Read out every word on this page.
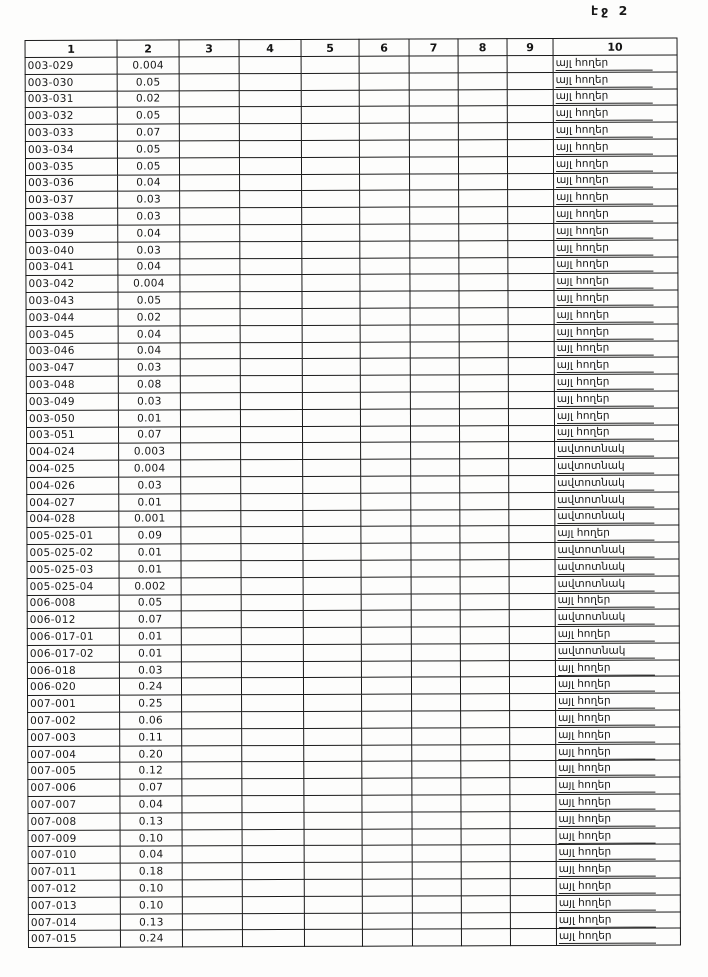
էջ 2
1	2	3	4	5	6	7	8	9	10
003-029	0.004								այլ հողեր
003-030	0.05								այլ հողեր
003-031	0.02								այլ հողեր
003-032	0.05								այլ հողեր
003-033	0.07								այլ հողեր
003-034	0.05								այլ հողեր
003-035	0.05								այլ հողեր
003-036	0.04								այլ հողեր
003-037	0.03								այլ հողեր
003-038	0.03								այլ հողեր
003-039	0.04								այլ հողեր
003-040	0.03								այլ հողեր
003-041	0.04								այլ հողեր
003-042	0.004								այլ հողեր
003-043	0.05								այլ հողեր
003-044	0.02								այլ հողեր
003-045	0.04								այլ հողեր
003-046	0.04								այլ հողեր
003-047	0.03								այլ հողեր
003-048	0.08								այլ հողեր
003-049	0.03								այլ հողեր
003-050	0.01								այլ հողեր
003-051	0.07								այլ հողեր
004-024	0.003								ավտոտնակ
004-025	0.004								ավտոտնակ
004-026	0.03								ավտոտնակ
004-027	0.01								ավտոտնակ
004-028	0.001								ավտոտնակ
005-025-01	0.09								այլ հողեր
005-025-02	0.01								ավտոտնակ
005-025-03	0.01								ավտոտնակ
005-025-04	0.002								ավտոտնակ
006-008	0.05								այլ հողեր
006-012	0.07								ավտոտնակ
006-017-01	0.01								այլ հողեր
006-017-02	0.01								ավտոտնակ
006-018	0.03								այլ հողեր
006-020	0.24								այլ հողեր
007-001	0.25								այլ հողեր
007-002	0.06								այլ հողեր
007-003	0.11								այլ հողեր
007-004	0.20								այլ հողեր
007-005	0.12								այլ հողեր
007-006	0.07								այլ հողեր
007-007	0.04								այլ հողեր
007-008	0.13								այլ հողեր
007-009	0.10								այլ հողեր
007-010	0.04								այլ հողեր
007-011	0.18								այլ հողեր
007-012	0.10								այլ հողեր
007-013	0.10								այլ հողեր
007-014	0.13								այլ հողեր
007-015	0.24								այլ հողեր
